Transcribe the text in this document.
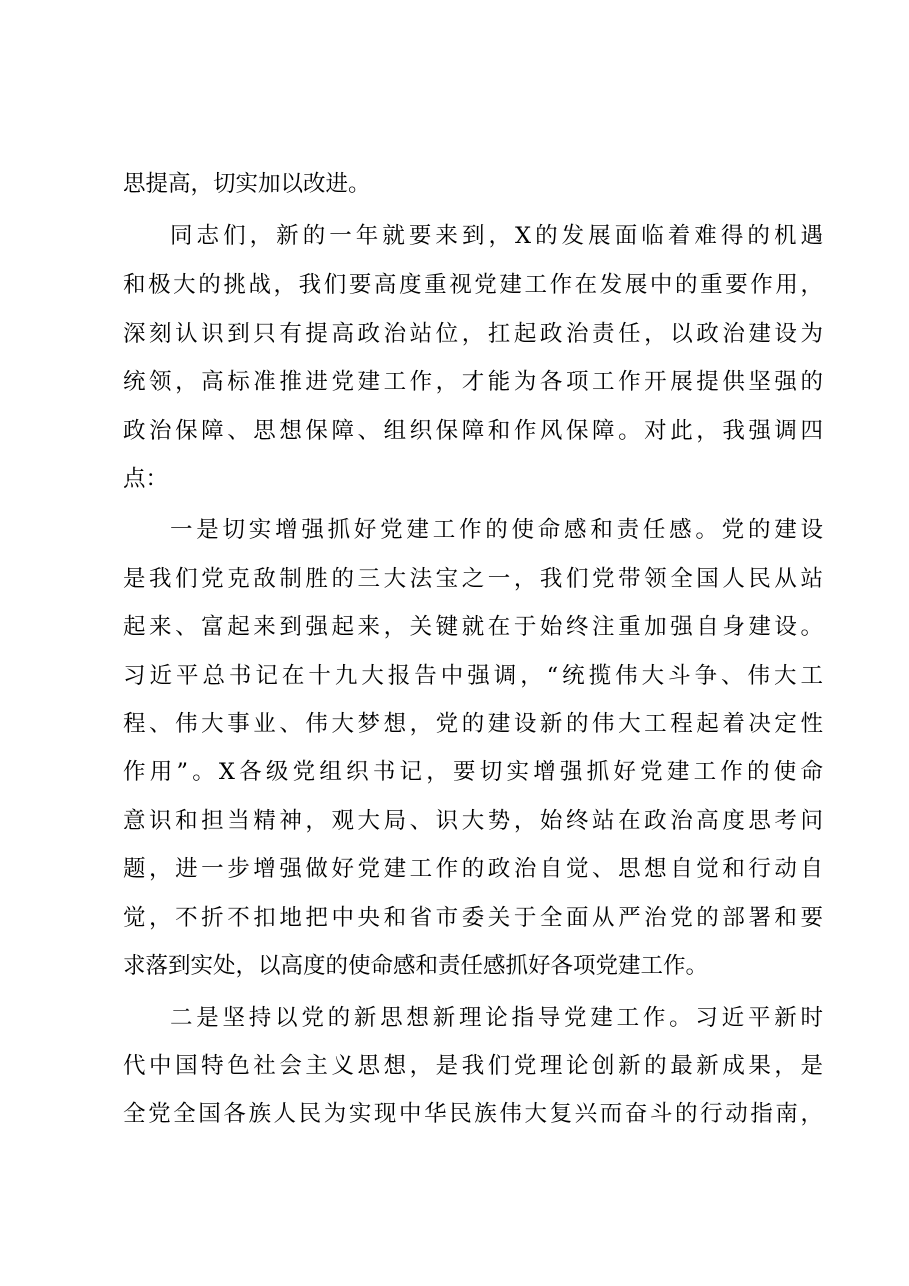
思提高，切实加以改进。
同志们，新的一年就要来到，X的发展面临着难得的机遇
和极大的挑战，我们要高度重视党建工作在发展中的重要作用，
深刻认识到只有提高政治站位，扛起政治责任，以政治建设为
统领，高标准推进党建工作，才能为各项工作开展提供坚强的
政治保障、思想保障、组织保障和作风保障。对此，我强调四
点：
一是切实增强抓好党建工作的使命感和责任感。党的建设
是我们党克敌制胜的三大法宝之一，我们党带领全国人民从站
起来、富起来到强起来，关键就在于始终注重加强自身建设。
习近平总书记在十九大报告中强调，“统揽伟大斗争、伟大工
程、伟大事业、伟大梦想，党的建设新的伟大工程起着决定性
作用”。X各级党组织书记，要切实增强抓好党建工作的使命
意识和担当精神，观大局、识大势，始终站在政治高度思考问
题，进一步增强做好党建工作的政治自觉、思想自觉和行动自
觉，不折不扣地把中央和省市委关于全面从严治党的部署和要
求落到实处，以高度的使命感和责任感抓好各项党建工作。
二是坚持以党的新思想新理论指导党建工作。习近平新时
代中国特色社会主义思想，是我们党理论创新的最新成果，是
全党全国各族人民为实现中华民族伟大复兴而奋斗的行动指南，
